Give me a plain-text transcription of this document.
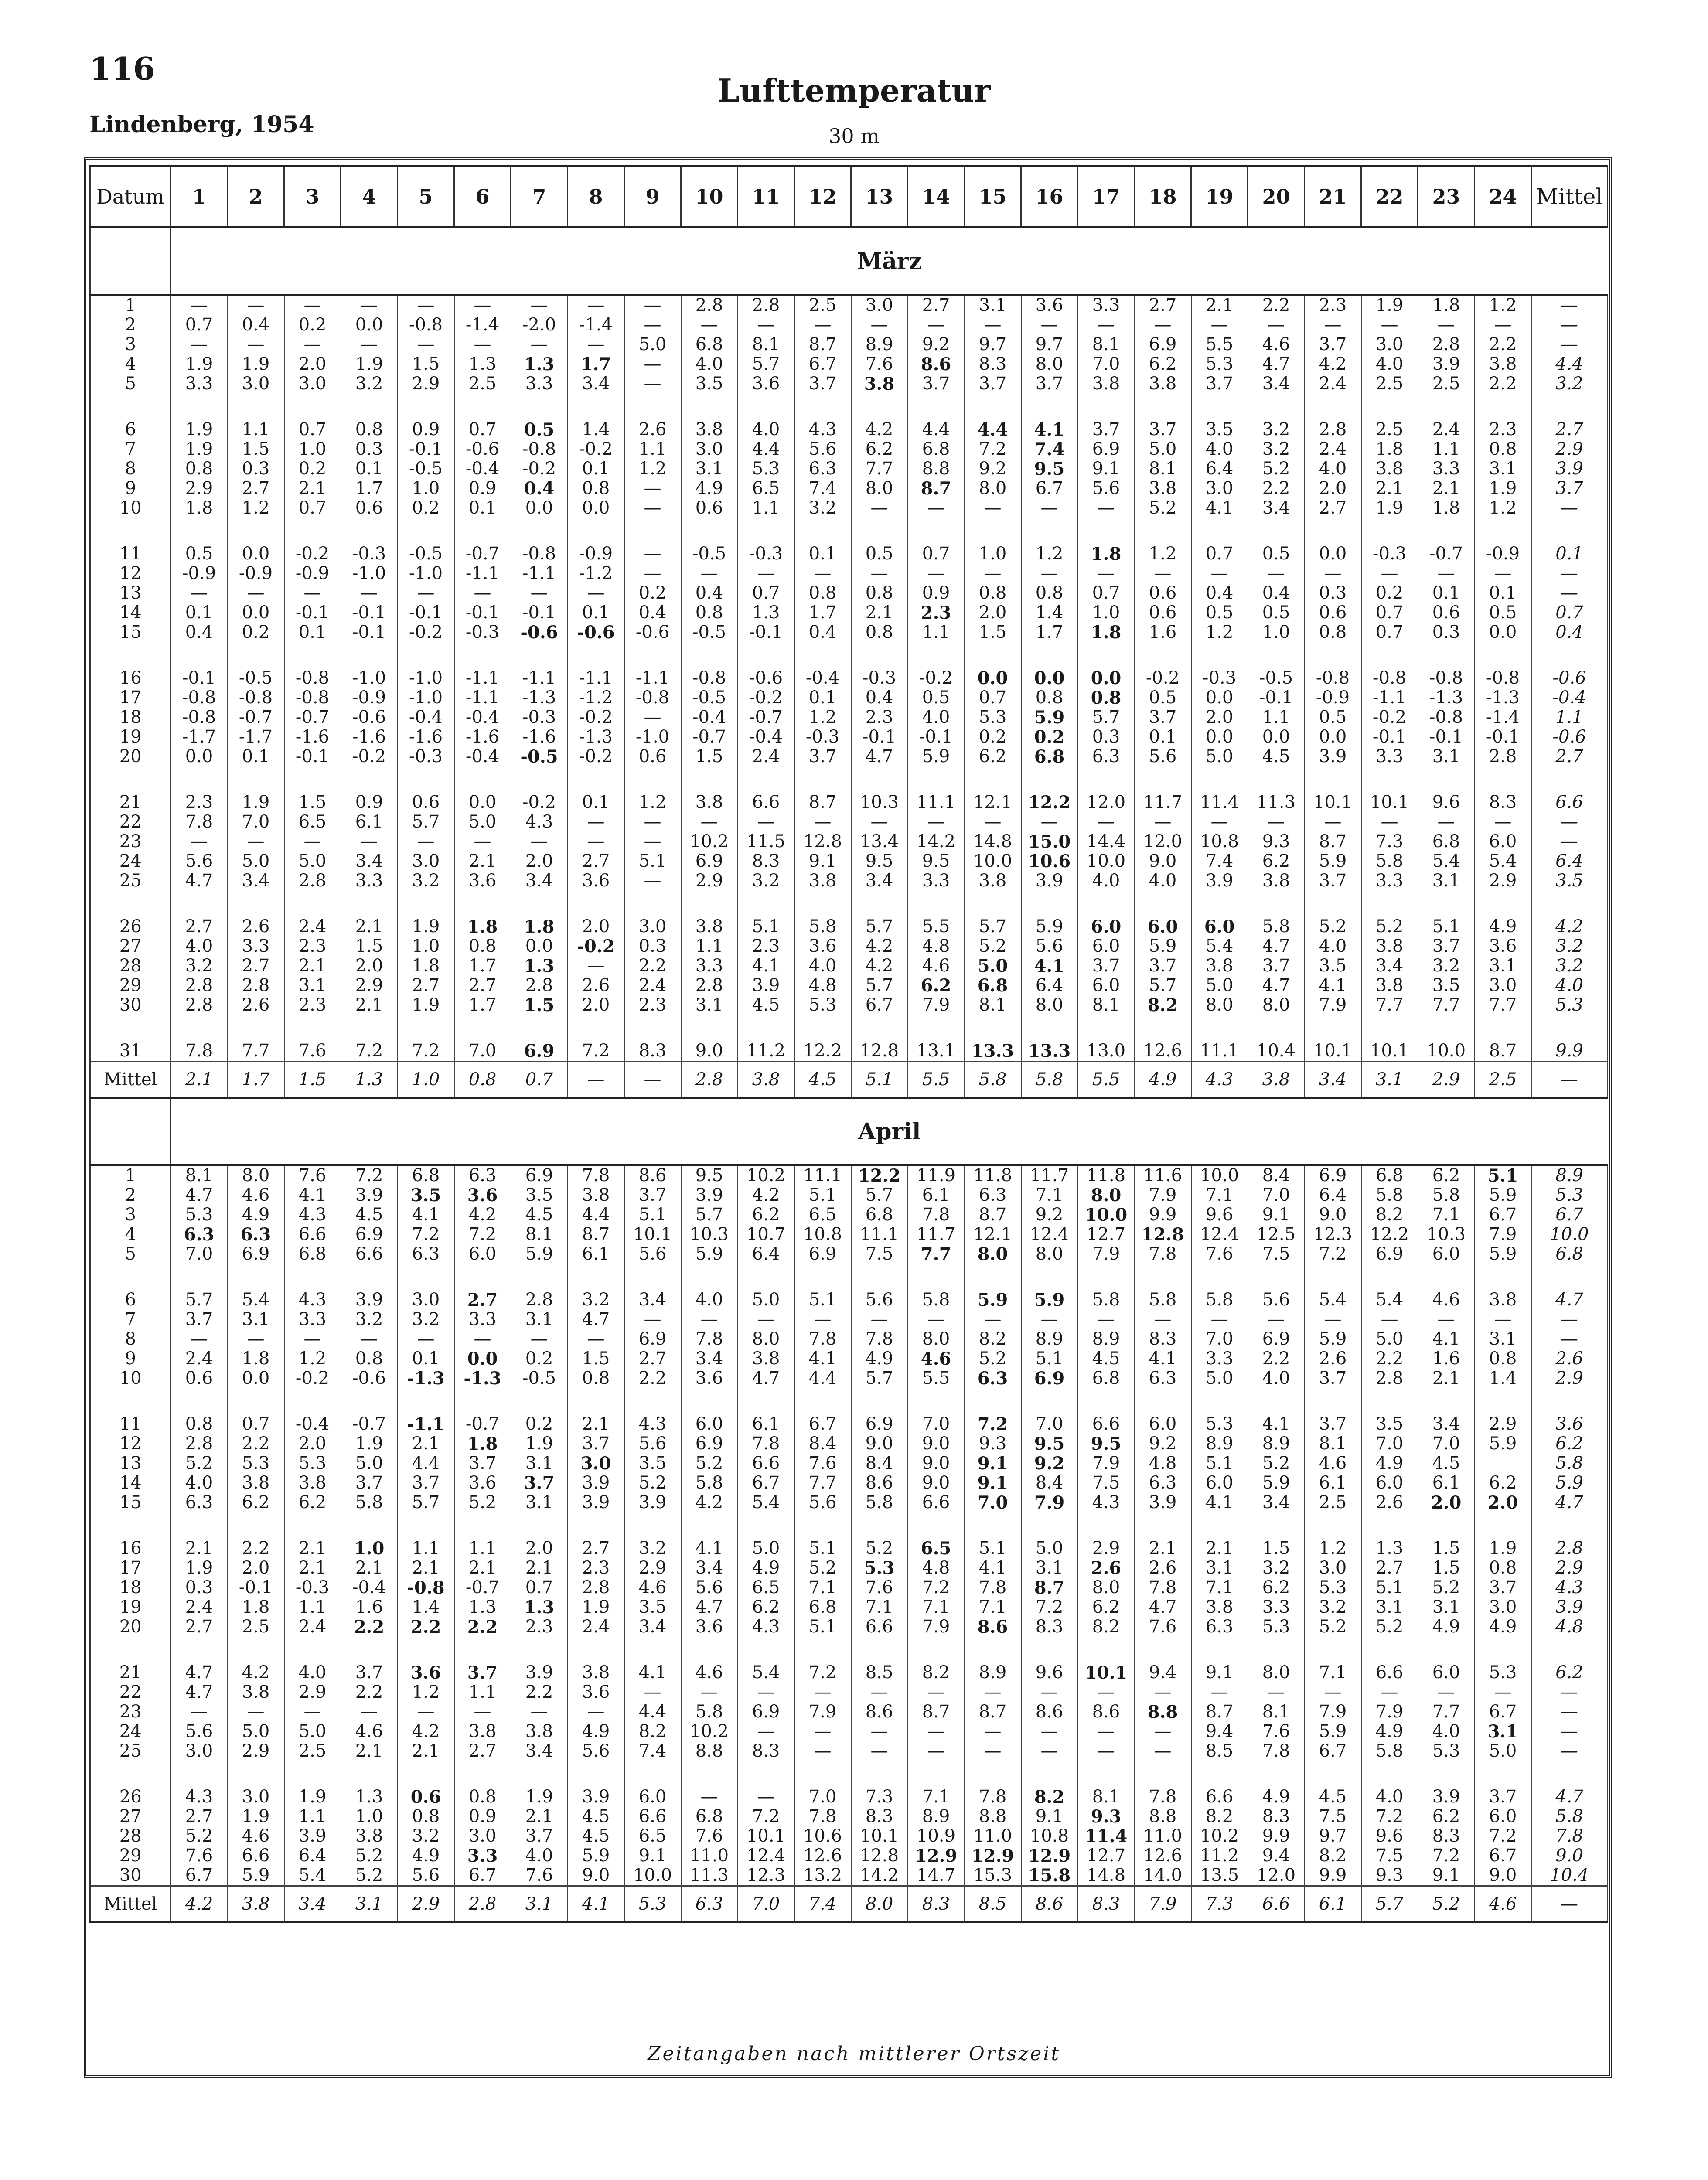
116
Lufttemperatur
Lindenberg, 1954	30 m
Datum	1	2	3	4	5	6	7	8	9	10	11	12	13	14	15	16	17	18	19	20	21	22	23	24	Mittel
	März																								
1	—	—	—	—	—	—	—	—	—	2.8	2.8	2.5	3.0	2.7	3.1	3.6	3.3	2.7	2.1	2.2	2.3	1.9	1.8	1.2	—
2	0.7	0.4	0.2	0.0	-0.8	-1.4	-2.0	-1.4	—	—	—	—	—	—	—	—	—	—	—	—	—	—	—	—	—
3	—	—	—	—	—	—	—	—	5.0	6.8	8.1	8.7	8.9	9.2	9.7	9.7	8.1	6.9	5.5	4.6	3.7	3.0	2.8	2.2	—
4	1.9	1.9	2.0	1.9	1.5	1.3	1.3	1.7	—	4.0	5.7	6.7	7.6	8.6	8.3	8.0	7.0	6.2	5.3	4.7	4.2	4.0	3.9	3.8	4.4
5	3.3	3.0	3.0	3.2	2.9	2.5	3.3	3.4	—	3.5	3.6	3.7	3.8	3.7	3.7	3.7	3.8	3.8	3.7	3.4	2.4	2.5	2.5	2.2	3.2

6	1.9	1.1	0.7	0.8	0.9	0.7	0.5	1.4	2.6	3.8	4.0	4.3	4.2	4.4	4.4	4.1	3.7	3.7	3.5	3.2	2.8	2.5	2.4	2.3	2.7
7	1.9	1.5	1.0	0.3	-0.1	-0.6	-0.8	-0.2	1.1	3.0	4.4	5.6	6.2	6.8	7.2	7.4	6.9	5.0	4.0	3.2	2.4	1.8	1.1	0.8	2.9
8	0.8	0.3	0.2	0.1	-0.5	-0.4	-0.2	0.1	1.2	3.1	5.3	6.3	7.7	8.8	9.2	9.5	9.1	8.1	6.4	5.2	4.0	3.8	3.3	3.1	3.9
9	2.9	2.7	2.1	1.7	1.0	0.9	0.4	0.8	—	4.9	6.5	7.4	8.0	8.7	8.0	6.7	5.6	3.8	3.0	2.2	2.0	2.1	2.1	1.9	3.7
10	1.8	1.2	0.7	0.6	0.2	0.1	0.0	0.0	—	0.6	1.1	3.2	—	—	—	—	—	5.2	4.1	3.4	2.7	1.9	1.8	1.2	—

11	0.5	0.0	-0.2	-0.3	-0.5	-0.7	-0.8	-0.9	—	-0.5	-0.3	0.1	0.5	0.7	1.0	1.2	1.8	1.2	0.7	0.5	0.0	-0.3	-0.7	-0.9	0.1
12	-0.9	-0.9	-0.9	-1.0	-1.0	-1.1	-1.1	-1.2	—	—	—	—	—	—	—	—	—	—	—	—	—	—	—	—	—
13	—	—	—	—	—	—	—	—	0.2	0.4	0.7	0.8	0.8	0.9	0.8	0.8	0.7	0.6	0.4	0.4	0.3	0.2	0.1	0.1	—
14	0.1	0.0	-0.1	-0.1	-0.1	-0.1	-0.1	0.1	0.4	0.8	1.3	1.7	2.1	2.3	2.0	1.4	1.0	0.6	0.5	0.5	0.6	0.7	0.6	0.5	0.7
15	0.4	0.2	0.1	-0.1	-0.2	-0.3	-0.6	-0.6	-0.6	-0.5	-0.1	0.4	0.8	1.1	1.5	1.7	1.8	1.6	1.2	1.0	0.8	0.7	0.3	0.0	0.4

16	-0.1	-0.5	-0.8	-1.0	-1.0	-1.1	-1.1	-1.1	-1.1	-0.8	-0.6	-0.4	-0.3	-0.2	0.0	0.0	0.0	-0.2	-0.3	-0.5	-0.8	-0.8	-0.8	-0.8	-0.6
17	-0.8	-0.8	-0.8	-0.9	-1.0	-1.1	-1.3	-1.2	-0.8	-0.5	-0.2	0.1	0.4	0.5	0.7	0.8	0.8	0.5	0.0	-0.1	-0.9	-1.1	-1.3	-1.3	-0.4
18	-0.8	-0.7	-0.7	-0.6	-0.4	-0.4	-0.3	-0.2	—	-0.4	-0.7	1.2	2.3	4.0	5.3	5.9	5.7	3.7	2.0	1.1	0.5	-0.2	-0.8	-1.4	1.1
19	-1.7	-1.7	-1.6	-1.6	-1.6	-1.6	-1.6	-1.3	-1.0	-0.7	-0.4	-0.3	-0.1	-0.1	0.2	0.2	0.3	0.1	0.0	0.0	0.0	-0.1	-0.1	-0.1	-0.6
20	0.0	0.1	-0.1	-0.2	-0.3	-0.4	-0.5	-0.2	0.6	1.5	2.4	3.7	4.7	5.9	6.2	6.8	6.3	5.6	5.0	4.5	3.9	3.3	3.1	2.8	2.7

21	2.3	1.9	1.5	0.9	0.6	0.0	-0.2	0.1	1.2	3.8	6.6	8.7	10.3	11.1	12.1	12.2	12.0	11.7	11.4	11.3	10.1	10.1	9.6	8.3	6.6
22	7.8	7.0	6.5	6.1	5.7	5.0	4.3	—	—	—	—	—	—	—	—	—	—	—	—	—	—	—	—	—	—
23	—	—	—	—	—	—	—	—	—	10.2	11.5	12.8	13.4	14.2	14.8	15.0	14.4	12.0	10.8	9.3	8.7	7.3	6.8	6.0	—
24	5.6	5.0	5.0	3.4	3.0	2.1	2.0	2.7	5.1	6.9	8.3	9.1	9.5	9.5	10.0	10.6	10.0	9.0	7.4	6.2	5.9	5.8	5.4	5.4	6.4
25	4.7	3.4	2.8	3.3	3.2	3.6	3.4	3.6	—	2.9	3.2	3.8	3.4	3.3	3.8	3.9	4.0	4.0	3.9	3.8	3.7	3.3	3.1	2.9	3.5

26	2.7	2.6	2.4	2.1	1.9	1.8	1.8	2.0	3.0	3.8	5.1	5.8	5.7	5.5	5.7	5.9	6.0	6.0	6.0	5.8	5.2	5.2	5.1	4.9	4.2
27	4.0	3.3	2.3	1.5	1.0	0.8	0.0	-0.2	0.3	1.1	2.3	3.6	4.2	4.8	5.2	5.6	6.0	5.9	5.4	4.7	4.0	3.8	3.7	3.6	3.2
28	3.2	2.7	2.1	2.0	1.8	1.7	1.3	—	2.2	3.3	4.1	4.0	4.2	4.6	5.0	4.1	3.7	3.7	3.8	3.7	3.5	3.4	3.2	3.1	3.2
29	2.8	2.8	3.1	2.9	2.7	2.7	2.8	2.6	2.4	2.8	3.9	4.8	5.7	6.2	6.8	6.4	6.0	5.7	5.0	4.7	4.1	3.8	3.5	3.0	4.0
30	2.8	2.6	2.3	2.1	1.9	1.7	1.5	2.0	2.3	3.1	4.5	5.3	6.7	7.9	8.1	8.0	8.1	8.2	8.0	8.0	7.9	7.7	7.7	7.7	5.3

31	7.8	7.7	7.6	7.2	7.2	7.0	6.9	7.2	8.3	9.0	11.2	12.2	12.8	13.1	13.3	13.3	13.0	12.6	11.1	10.4	10.1	10.1	10.0	8.7	9.9
Mittel	2.1	1.7	1.5	1.3	1.0	0.8	0.7	—	—	2.8	3.8	4.5	5.1	5.5	5.8	5.8	5.5	4.9	4.3	3.8	3.4	3.1	2.9	2.5	—
	April																								
1	8.1	8.0	7.6	7.2	6.8	6.3	6.9	7.8	8.6	9.5	10.2	11.1	12.2	11.9	11.8	11.7	11.8	11.6	10.0	8.4	6.9	6.8	6.2	5.1	8.9
2	4.7	4.6	4.1	3.9	3.5	3.6	3.5	3.8	3.7	3.9	4.2	5.1	5.7	6.1	6.3	7.1	8.0	7.9	7.1	7.0	6.4	5.8	5.8	5.9	5.3
3	5.3	4.9	4.3	4.5	4.1	4.2	4.5	4.4	5.1	5.7	6.2	6.5	6.8	7.8	8.7	9.2	10.0	9.9	9.6	9.1	9.0	8.2	7.1	6.7	6.7
4	6.3	6.3	6.6	6.9	7.2	7.2	8.1	8.7	10.1	10.3	10.7	10.8	11.1	11.7	12.1	12.4	12.7	12.8	12.4	12.5	12.3	12.2	10.3	7.9	10.0
5	7.0	6.9	6.8	6.6	6.3	6.0	5.9	6.1	5.6	5.9	6.4	6.9	7.5	7.7	8.0	8.0	7.9	7.8	7.6	7.5	7.2	6.9	6.0	5.9	6.8

6	5.7	5.4	4.3	3.9	3.0	2.7	2.8	3.2	3.4	4.0	5.0	5.1	5.6	5.8	5.9	5.9	5.8	5.8	5.8	5.6	5.4	5.4	4.6	3.8	4.7
7	3.7	3.1	3.3	3.2	3.2	3.3	3.1	4.7	—	—	—	—	—	—	—	—	—	—	—	—	—	—	—	—	—
8	—	—	—	—	—	—	—	—	6.9	7.8	8.0	7.8	7.8	8.0	8.2	8.9	8.9	8.3	7.0	6.9	5.9	5.0	4.1	3.1	—
9	2.4	1.8	1.2	0.8	0.1	0.0	0.2	1.5	2.7	3.4	3.8	4.1	4.9	4.6	5.2	5.1	4.5	4.1	3.3	2.2	2.6	2.2	1.6	0.8	2.6
10	0.6	0.0	-0.2	-0.6	-1.3	-1.3	-0.5	0.8	2.2	3.6	4.7	4.4	5.7	5.5	6.3	6.9	6.8	6.3	5.0	4.0	3.7	2.8	2.1	1.4	2.9

11	0.8	0.7	-0.4	-0.7	-1.1	-0.7	0.2	2.1	4.3	6.0	6.1	6.7	6.9	7.0	7.2	7.0	6.6	6.0	5.3	4.1	3.7	3.5	3.4	2.9	3.6
12	2.8	2.2	2.0	1.9	2.1	1.8	1.9	3.7	5.6	6.9	7.8	8.4	9.0	9.0	9.3	9.5	9.5	9.2	8.9	8.9	8.1	7.0	7.0	5.9	6.2
13	5.2	5.3	5.3	5.0	4.4	3.7	3.1	3.0	3.5	5.2	6.6	7.6	8.4	9.0	9.1	9.2	7.9	4.8	5.1	5.2	4.6	4.9	4.5		5.8
14	4.0	3.8	3.8	3.7	3.7	3.6	3.7	3.9	5.2	5.8	6.7	7.7	8.6	9.0	9.1	8.4	7.5	6.3	6.0	5.9	6.1	6.0	6.1	6.2	5.9
15	6.3	6.2	6.2	5.8	5.7	5.2	3.1	3.9	3.9	4.2	5.4	5.6	5.8	6.6	7.0	7.9	4.3	3.9	4.1	3.4	2.5	2.6	2.0	2.0	4.7

16	2.1	2.2	2.1	1.0	1.1	1.1	2.0	2.7	3.2	4.1	5.0	5.1	5.2	6.5	5.1	5.0	2.9	2.1	2.1	1.5	1.2	1.3	1.5	1.9	2.8
17	1.9	2.0	2.1	2.1	2.1	2.1	2.1	2.3	2.9	3.4	4.9	5.2	5.3	4.8	4.1	3.1	2.6	2.6	3.1	3.2	3.0	2.7	1.5	0.8	2.9
18	0.3	-0.1	-0.3	-0.4	-0.8	-0.7	0.7	2.8	4.6	5.6	6.5	7.1	7.6	7.2	7.8	8.7	8.0	7.8	7.1	6.2	5.3	5.1	5.2	3.7	4.3
19	2.4	1.8	1.1	1.6	1.4	1.3	1.3	1.9	3.5	4.7	6.2	6.8	7.1	7.1	7.1	7.2	6.2	4.7	3.8	3.3	3.2	3.1	3.1	3.0	3.9
20	2.7	2.5	2.4	2.2	2.2	2.2	2.3	2.4	3.4	3.6	4.3	5.1	6.6	7.9	8.6	8.3	8.2	7.6	6.3	5.3	5.2	5.2	4.9	4.9	4.8

21	4.7	4.2	4.0	3.7	3.6	3.7	3.9	3.8	4.1	4.6	5.4	7.2	8.5	8.2	8.9	9.6	10.1	9.4	9.1	8.0	7.1	6.6	6.0	5.3	6.2
22	4.7	3.8	2.9	2.2	1.2	1.1	2.2	3.6	—	—	—	—	—	—	—	—	—	—	—	—	—	—	—	—	—
23	—	—	—	—	—	—	—	—	4.4	5.8	6.9	7.9	8.6	8.7	8.7	8.6	8.6	8.8	8.7	8.1	7.9	7.9	7.7	6.7	—
24	5.6	5.0	5.0	4.6	4.2	3.8	3.8	4.9	8.2	10.2	—	—	—	—	—	—	—	—	9.4	7.6	5.9	4.9	4.0	3.1	—
25	3.0	2.9	2.5	2.1	2.1	2.7	3.4	5.6	7.4	8.8	8.3	—	—	—	—	—	—	—	8.5	7.8	6.7	5.8	5.3	5.0	—

26	4.3	3.0	1.9	1.3	0.6	0.8	1.9	3.9	6.0	—	—	7.0	7.3	7.1	7.8	8.2	8.1	7.8	6.6	4.9	4.5	4.0	3.9	3.7	4.7
27	2.7	1.9	1.1	1.0	0.8	0.9	2.1	4.5	6.6	6.8	7.2	7.8	8.3	8.9	8.8	9.1	9.3	8.8	8.2	8.3	7.5	7.2	6.2	6.0	5.8
28	5.2	4.6	3.9	3.8	3.2	3.0	3.7	4.5	6.5	7.6	10.1	10.6	10.1	10.9	11.0	10.8	11.4	11.0	10.2	9.9	9.7	9.6	8.3	7.2	7.8
29	7.6	6.6	6.4	5.2	4.9	3.3	4.0	5.9	9.1	11.0	12.4	12.6	12.8	12.9	12.9	12.9	12.7	12.6	11.2	9.4	8.2	7.5	7.2	6.7	9.0
30	6.7	5.9	5.4	5.2	5.6	6.7	7.6	9.0	10.0	11.3	12.3	13.2	14.2	14.7	15.3	15.8	14.8	14.0	13.5	12.0	9.9	9.3	9.1	9.0	10.4
Mittel	4.2	3.8	3.4	3.1	2.9	2.8	3.1	4.1	5.3	6.3	7.0	7.4	8.0	8.3	8.5	8.6	8.3	7.9	7.3	6.6	6.1	5.7	5.2	4.6	—
Zeitangaben nach mittlerer Ortszeit
